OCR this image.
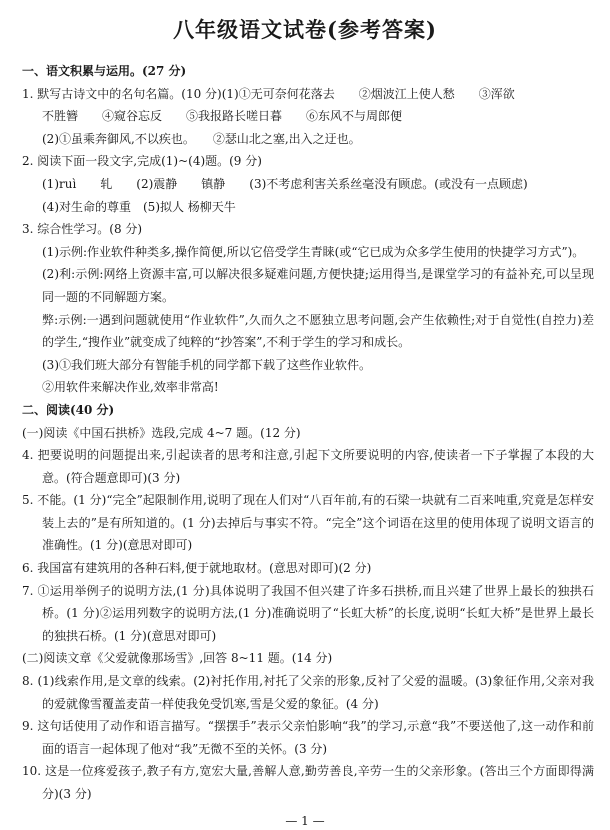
八年级语文试卷(参考答案)
一、语文积累与运用。(27 分)
1. 默写古诗文中的名句名篇。(10 分)(1)①无可奈何花落去　　②烟波江上使人愁　　③浑欲
不胜簪　　④窥谷忘反　　⑤我报路长嗟日暮　　⑥东风不与周郎便
(2)①虽乘奔御风,不以疾也。　　②瑟山北之塞,出入之迂也。
2. 阅读下面一段文字,完成(1)~(4)题。(9 分)
(1)ruì　　轧　　(2)震静　　镇静　　(3)不考虑利害关系丝毫没有顾虑。(或没有一点顾虑)
(4)对生命的尊重　(5)拟人 杨柳天牛
3. 综合性学习。(8 分)
(1)示例:作业软件种类多,操作简便,所以它倍受学生青睐(或“它已成为众多学生使用的快捷学习方式”)。
(2)利:示例:网络上资源丰富,可以解决很多疑难问题,方便快捷;运用得当,是课堂学习的有益补充,可以呈现同一题的不同解题方案。
弊:示例:一遇到问题就使用“作业软件”,久而久之不愿独立思考问题,会产生依赖性;对于自觉性(自控力)差的学生,“搜作业”就变成了纯粹的“抄答案”,不利于学生的学习和成长。
(3)①我们班大部分有智能手机的同学都下载了这些作业软件。
②用软件来解决作业,效率非常高!
二、阅读(40 分)
(一)阅读《中国石拱桥》选段,完成 4~7 题。(12 分)
4. 把要说明的问题提出来,引起读者的思考和注意,引起下文所要说明的内容,使读者一下子掌握了本段的大意。(符合题意即可)(3 分)
5. 不能。(1 分)“完全”起限制作用,说明了现在人们对“八百年前,有的石梁一块就有二百来吨重,究竟是怎样安装上去的”是有所知道的。(1 分)去掉后与事实不符。“完全”这个词语在这里的使用体现了说明文语言的准确性。(1 分)(意思对即可)
6. 我国富有建筑用的各种石料,便于就地取材。(意思对即可)(2 分)
7. ①运用举例子的说明方法,(1 分)具体说明了我国不但兴建了许多石拱桥,而且兴建了世界上最长的独拱石桥。(1 分)②运用列数字的说明方法,(1 分)准确说明了“长虹大桥”的长度,说明“长虹大桥”是世界上最长的独拱石桥。(1 分)(意思对即可)
(二)阅读文章《父爱就像那场雪》,回答 8~11 题。(14 分)
8. (1)线索作用,是文章的线索。(2)衬托作用,衬托了父亲的形象,反衬了父爱的温暖。(3)象征作用,父亲对我的爱就像雪覆盖麦苗一样使我免受饥寒,雪是父爱的象征。(4 分)
9. 这句话使用了动作和语言描写。“摆摆手”表示父亲怕影响“我”的学习,示意“我”不要送他了,这一动作和前面的语言一起体现了他对“我”无微不至的关怀。(3 分)
10. 这是一位疼爱孩子,教子有方,宽宏大量,善解人意,勤劳善良,辛劳一生的父亲形象。(答出三个方面即得满分)(3 分)
— 1 —
